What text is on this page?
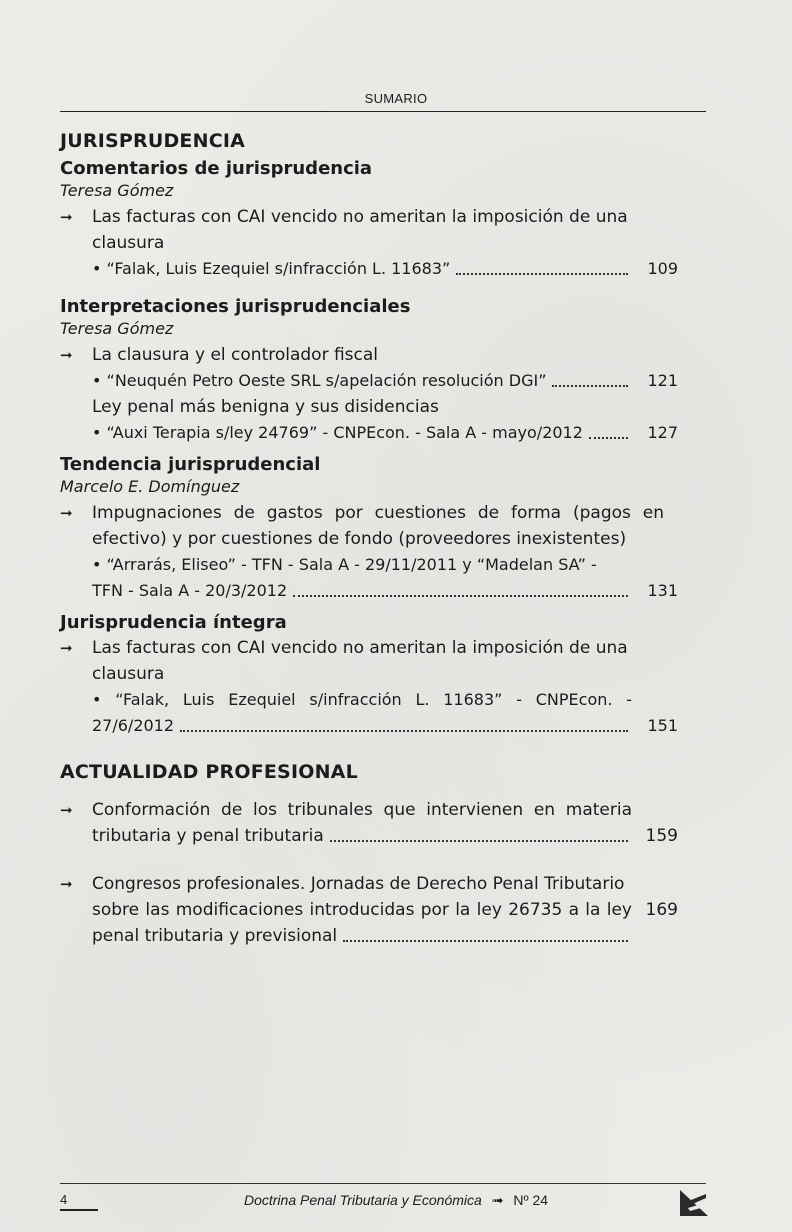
SUMARIO
JURISPRUDENCIA
Comentarios de jurisprudencia
Teresa Gómez
➞	Las facturas con CAI vencido no ameritan la imposición de una clausura
• “Falak, Luis Ezequiel s/infracción L. 11683”	109
Interpretaciones jurisprudenciales
Teresa Gómez
➞	La clausura y el controlador fiscal
• “Neuquén Petro Oeste SRL s/apelación resolución DGI”	121
Ley penal más benigna y sus disidencias
• “Auxi Terapia s/ley 24769” - CNPEcon. - Sala A - mayo/2012	127
Tendencia jurisprudencial
Marcelo E. Domínguez
➞	Impugnaciones de gastos por cuestiones de forma (pagos en efectivo) y por cuestiones de fondo (proveedores inexistentes)
• “Arrarás, Eliseo” - TFN - Sala A - 29/11/2011 y “Madelan SA” -
TFN - Sala A - 20/3/2012	131
Jurisprudencia íntegra
➞	Las facturas con CAI vencido no ameritan la imposición de una clausura
• “Falak, Luis Ezequiel s/infracción L. 11683” - CNPEcon. -
27/6/2012	151
ACTUALIDAD PROFESIONAL
➞	Conformación de los tribunales que intervienen en materia
tributaria y penal tributaria	159
➞	Congresos profesionales. Jornadas de Derecho Penal Tributario
sobre las modificaciones introducidas por la ley 26735 a la ley
penal tributaria y previsional
169
4	Doctrina Penal Tributaria y Económica ➟ Nº 24
